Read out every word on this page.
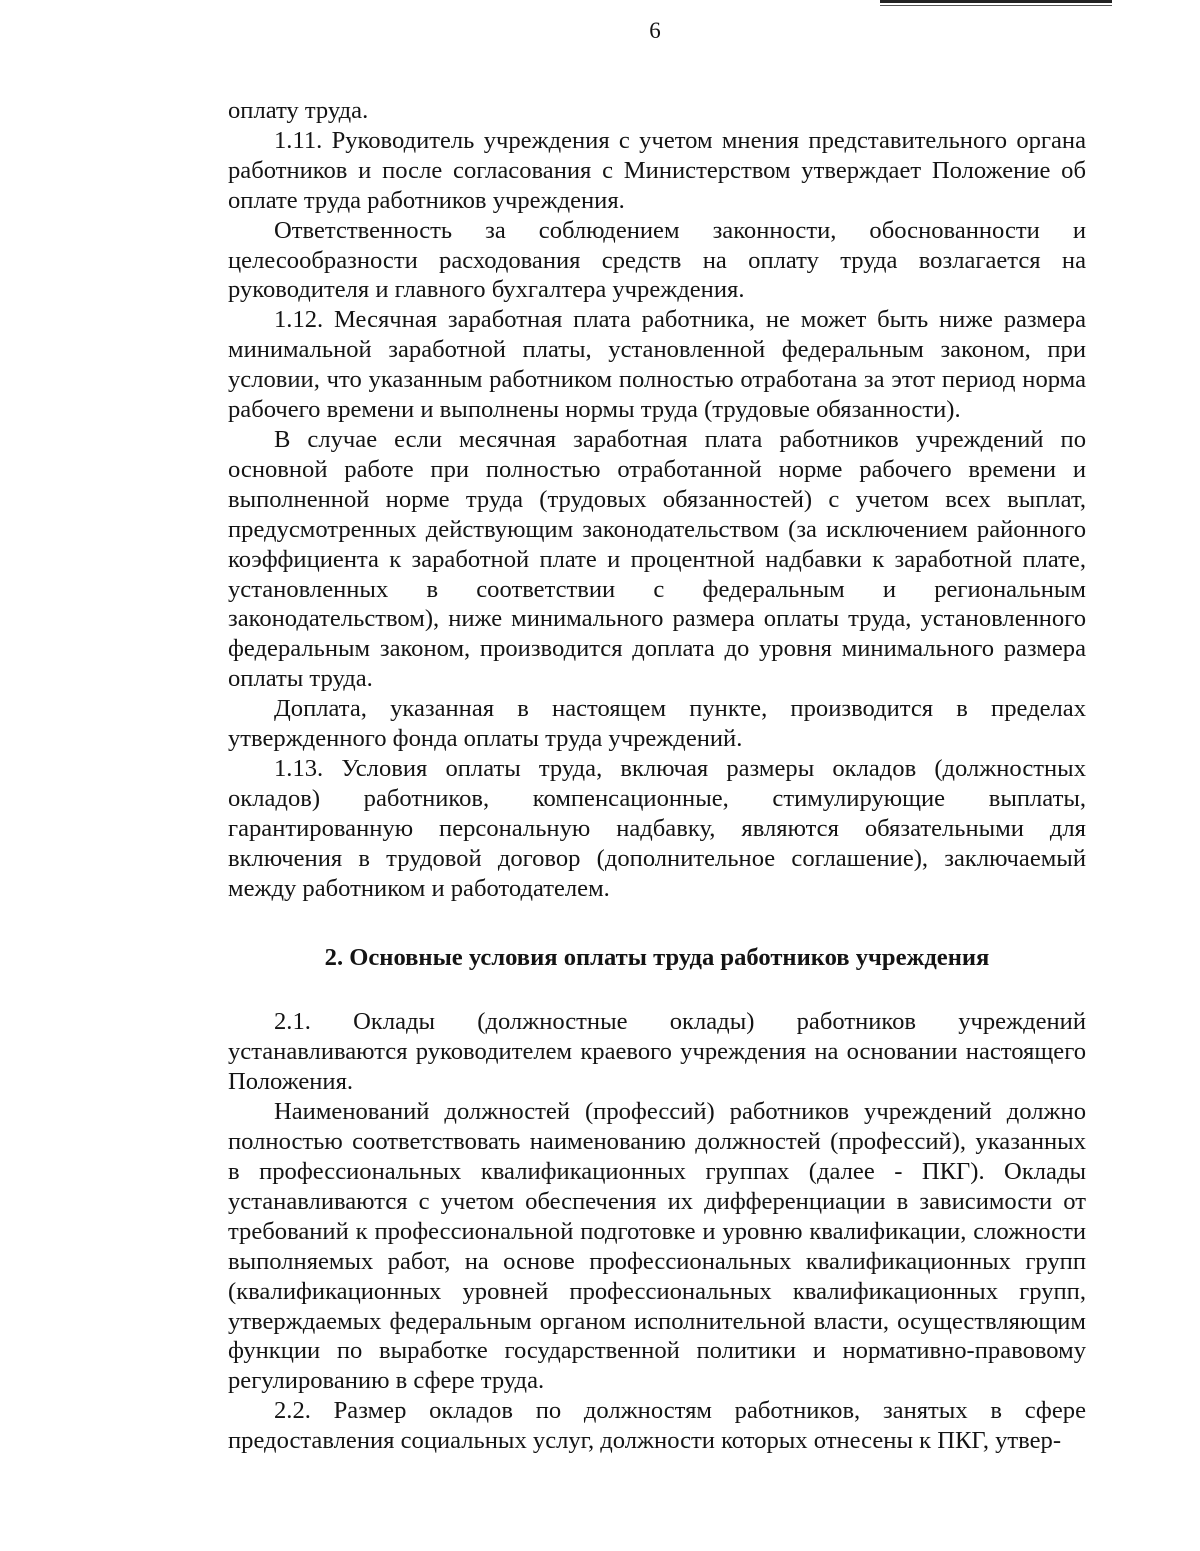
6

оплату труда.

1.11. Руководитель учреждения с учетом мнения представительного органа работников и после согласования с Министерством утверждает Положение об оплате труда работников учреждения.

Ответственность за соблюдением законности, обоснованности и целесообразности расходования средств на оплату труда возлагается на руководителя и главного бухгалтера учреждения.

1.12. Месячная заработная плата работника, не может быть ниже размера минимальной заработной платы, установленной федеральным законом, при условии, что указанным работником полностью отработана за этот период норма рабочего времени и выполнены нормы труда (трудовые обязанности).

В случае если месячная заработная плата работников учреждений по основной работе при полностью отработанной норме рабочего времени и выполненной норме труда (трудовых обязанностей) с учетом всех выплат, предусмотренных действующим законодательством (за исключением районного коэффициента к заработной плате и процентной надбавки к заработной плате, установленных в соответствии с федеральным и региональным законодательством), ниже минимального размера оплаты труда, установленного федеральным законом, производится доплата до уровня минимального размера оплаты труда.

Доплата, указанная в настоящем пункте, производится в пределах утвержденного фонда оплаты труда учреждений.

1.13. Условия оплаты труда, включая размеры окладов (должностных окладов) работников, компенсационные, стимулирующие выплаты, гарантированную персональную надбавку, являются обязательными для включения в трудовой договор (дополнительное соглашение), заключаемый между работником и работодателем.

2. Основные условия оплаты труда работников учреждения

2.1. Оклады (должностные оклады) работников учреждений устанавливаются руководителем краевого учреждения на основании настоящего Положения.

Наименований должностей (профессий) работников учреждений должно полностью соответствовать наименованию должностей (профессий), указанных в профессиональных квалификационных группах (далее - ПКГ). Оклады устанавливаются с учетом обеспечения их дифференциации в зависимости от требований к профессиональной подготовке и уровню квалификации, сложности выполняемых работ, на основе профессиональных квалификационных групп (квалификационных уровней профессиональных квалификационных групп, утверждаемых федеральным органом исполнительной власти, осуществляющим функции по выработке государственной политики и нормативно-правовому регулированию в сфере труда.

2.2. Размер окладов по должностям работников, занятых в сфере предоставления социальных услуг, должности которых отнесены к ПКГ, утвер-
